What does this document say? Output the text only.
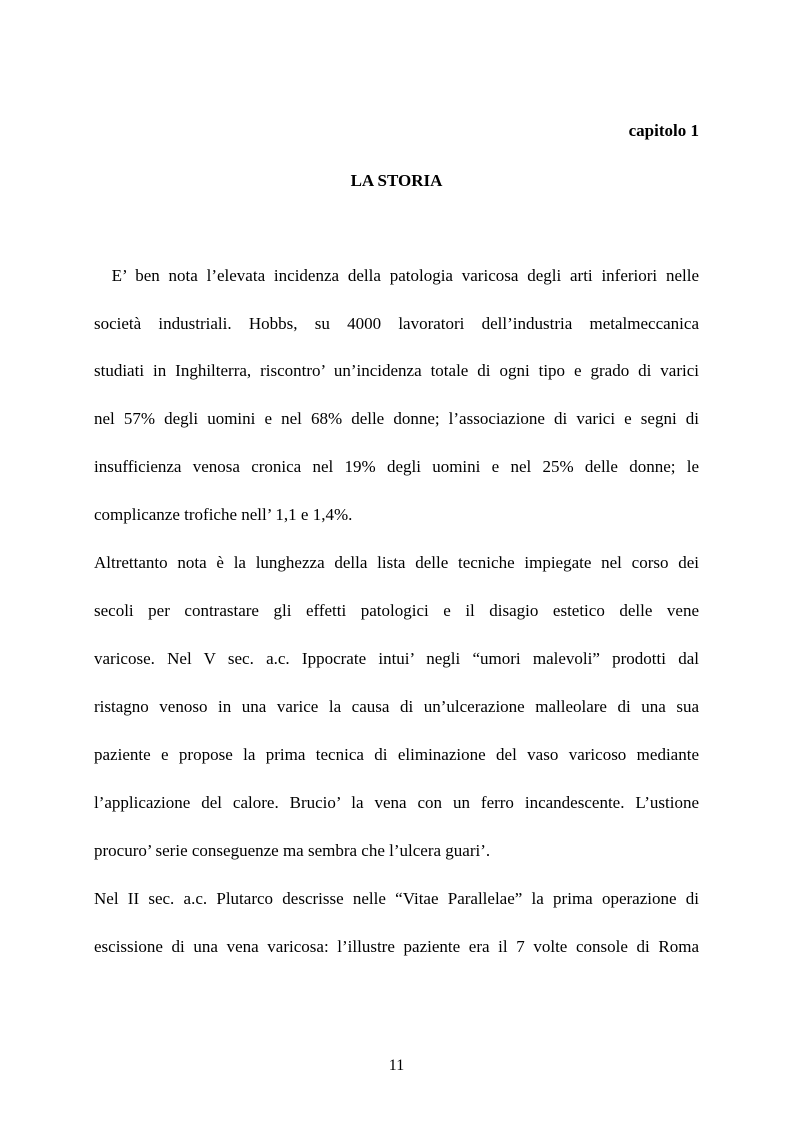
capitolo 1
LA STORIA
E’ ben nota l’elevata incidenza della patologia varicosa degli arti inferiori nelle
società industriali. Hobbs, su 4000 lavoratori dell’industria metalmeccanica
studiati in Inghilterra, riscontro’ un’incidenza totale di ogni tipo e grado di varici
nel 57% degli uomini e nel 68% delle donne; l’associazione di varici e segni di
insufficienza venosa cronica nel 19% degli uomini e nel 25% delle donne; le
complicanze trofiche nell’ 1,1 e 1,4%.
Altrettanto nota è la lunghezza della lista delle tecniche impiegate nel corso dei
secoli per contrastare gli effetti patologici e il disagio estetico delle vene
varicose. Nel V sec. a.c. Ippocrate intui’ negli “umori malevoli” prodotti dal
ristagno venoso in una varice la causa di un’ulcerazione malleolare di una sua
paziente e propose la prima tecnica di eliminazione del vaso varicoso mediante
l’applicazione del calore. Brucio’ la vena con un ferro incandescente. L’ustione
procuro’ serie conseguenze ma sembra che l’ulcera guari’.
Nel II sec. a.c. Plutarco descrisse nelle “Vitae Parallelae” la prima operazione di
escissione di una vena varicosa: l’illustre paziente era il 7 volte console di Roma
11
